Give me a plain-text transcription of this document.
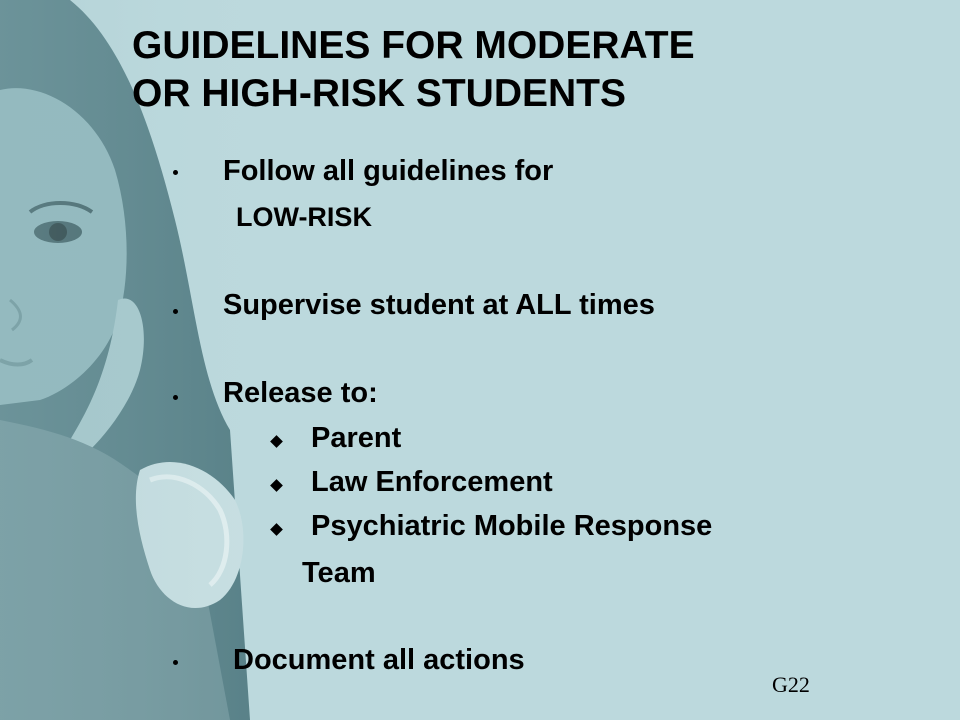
GUIDELINES FOR MODERATE
OR HIGH-RISK STUDENTS
Follow all guidelines for
LOW-RISK
Supervise student at ALL times
Release to:
Parent
Law Enforcement
Psychiatric Mobile Response
Team
Document all actions
G22
